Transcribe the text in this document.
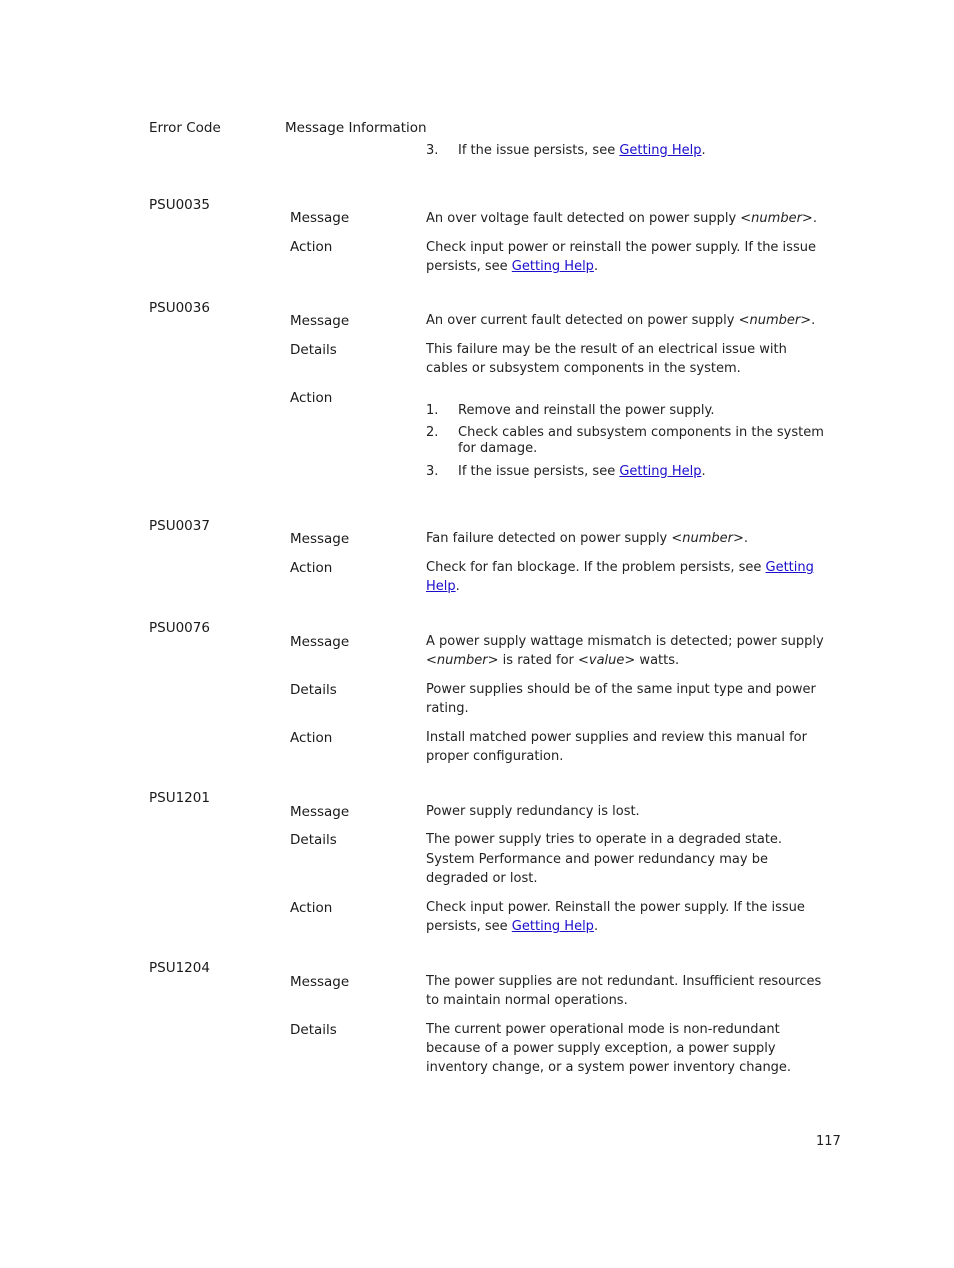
Error Code	Message Information
3. If the issue persists, see Getting Help.
PSU0035
Message	An over voltage fault detected on power supply <number>.
Action	Check input power or reinstall the power supply. If the issue
persists, see Getting Help.
PSU0036
Message	An over current fault detected on power supply <number>.
Details	This failure may be the result of an electrical issue with
cables or subsystem components in the system.
Action
1. Remove and reinstall the power supply.
2. Check cables and subsystem components in the system
for damage.
3. If the issue persists, see Getting Help.
PSU0037
Message	Fan failure detected on power supply <number>.
Action	Check for fan blockage. If the problem persists, see Getting
Help.
PSU0076
Message	A power supply wattage mismatch is detected; power supply
<number> is rated for <value> watts.
Details	Power supplies should be of the same input type and power
rating.
Action	Install matched power supplies and review this manual for
proper configuration.
PSU1201
Message	Power supply redundancy is lost.
Details	The power supply tries to operate in a degraded state.
System Performance and power redundancy may be
degraded or lost.
Action	Check input power. Reinstall the power supply. If the issue
persists, see Getting Help.
PSU1204
Message	The power supplies are not redundant. Insufficient resources
to maintain normal operations.
Details	The current power operational mode is non-redundant
because of a power supply exception, a power supply
inventory change, or a system power inventory change.
117
